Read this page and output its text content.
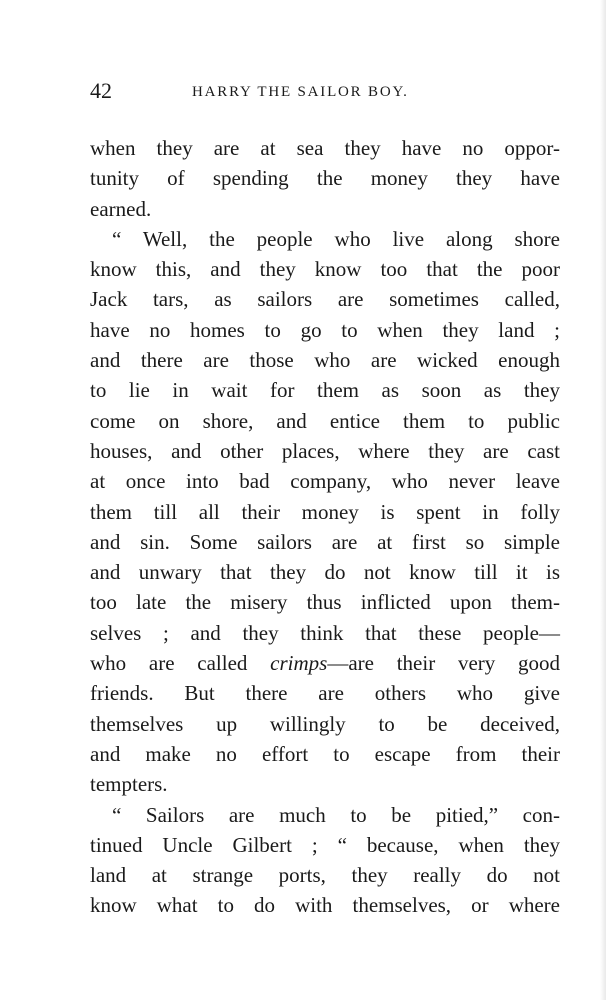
42	HARRY THE SAILOR BOY.
when they are at sea they have no oppor-
tunity of spending the money they have
earned.
“ Well, the people who live along shore
know this, and they know too that the poor
Jack tars, as sailors are sometimes called,
have no homes to go to when they land ;
and there are those who are wicked enough
to lie in wait for them as soon as they
come on shore, and entice them to public
houses, and other places, where they are cast
at once into bad company, who never leave
them till all their money is spent in folly
and sin. Some sailors are at first so simple
and unwary that they do not know till it is
too late the misery thus inflicted upon them-
selves ; and they think that these people—
who are called crimps—are their very good
friends. But there are others who give
themselves up willingly to be deceived,
and make no effort to escape from their
tempters.
“ Sailors are much to be pitied,” con-
tinued Uncle Gilbert ; “ because, when they
land at strange ports, they really do not
know what to do with themselves, or where
